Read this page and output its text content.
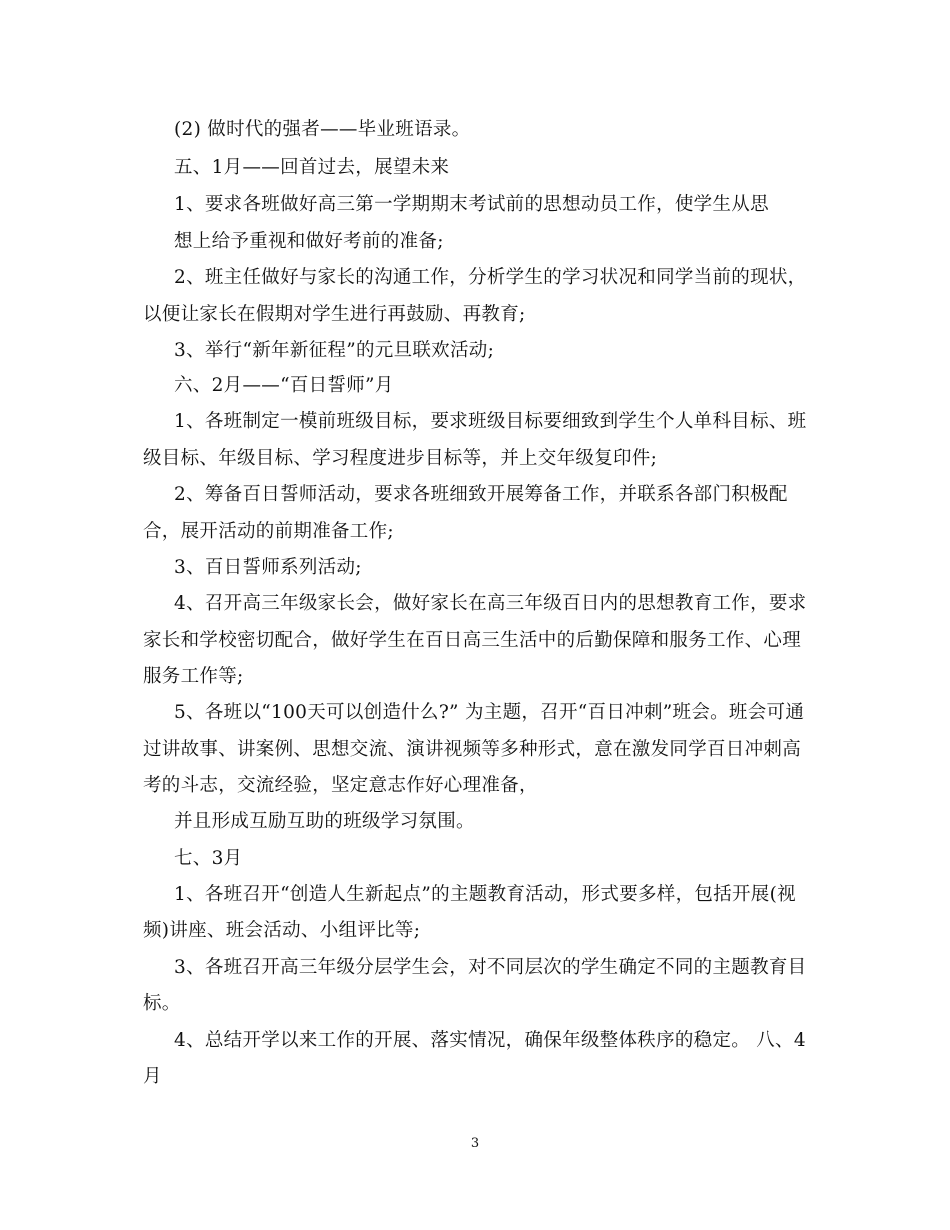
(2) 做时代的强者——毕业班语录。
五、1月——回首过去，展望未来
1、要求各班做好高三第一学期期末考试前的思想动员工作，使学生从思
想上给予重视和做好考前的准备;
2、班主任做好与家长的沟通工作，分析学生的学习状况和同学当前的现状，
以便让家长在假期对学生进行再鼓励、再教育;
3、举行“新年新征程”的元旦联欢活动;
六、2月——“百日誓师”月
1、各班制定一模前班级目标，要求班级目标要细致到学生个人单科目标、班
级目标、年级目标、学习程度进步目标等，并上交年级复印件;
2、筹备百日誓师活动，要求各班细致开展筹备工作，并联系各部门积极配
合，展开活动的前期准备工作;
3、百日誓师系列活动;
4、召开高三年级家长会，做好家长在高三年级百日内的思想教育工作，要求
家长和学校密切配合，做好学生在百日高三生活中的后勤保障和服务工作、心理
服务工作等;
5、各班以“100天可以创造什么?” 为主题，召开“百日冲刺”班会。班会可通
过讲故事、讲案例、思想交流、演讲视频等多种形式，意在激发同学百日冲刺高
考的斗志，交流经验，坚定意志作好心理准备，
并且形成互励互助的班级学习氛围。
七、3月
1、各班召开“创造人生新起点”的主题教育活动，形式要多样，包括开展(视
频)讲座、班会活动、小组评比等;
3、各班召开高三年级分层学生会，对不同层次的学生确定不同的主题教育目
标。
4、总结开学以来工作的开展、落实情况，确保年级整体秩序的稳定。 八、4
月
3
